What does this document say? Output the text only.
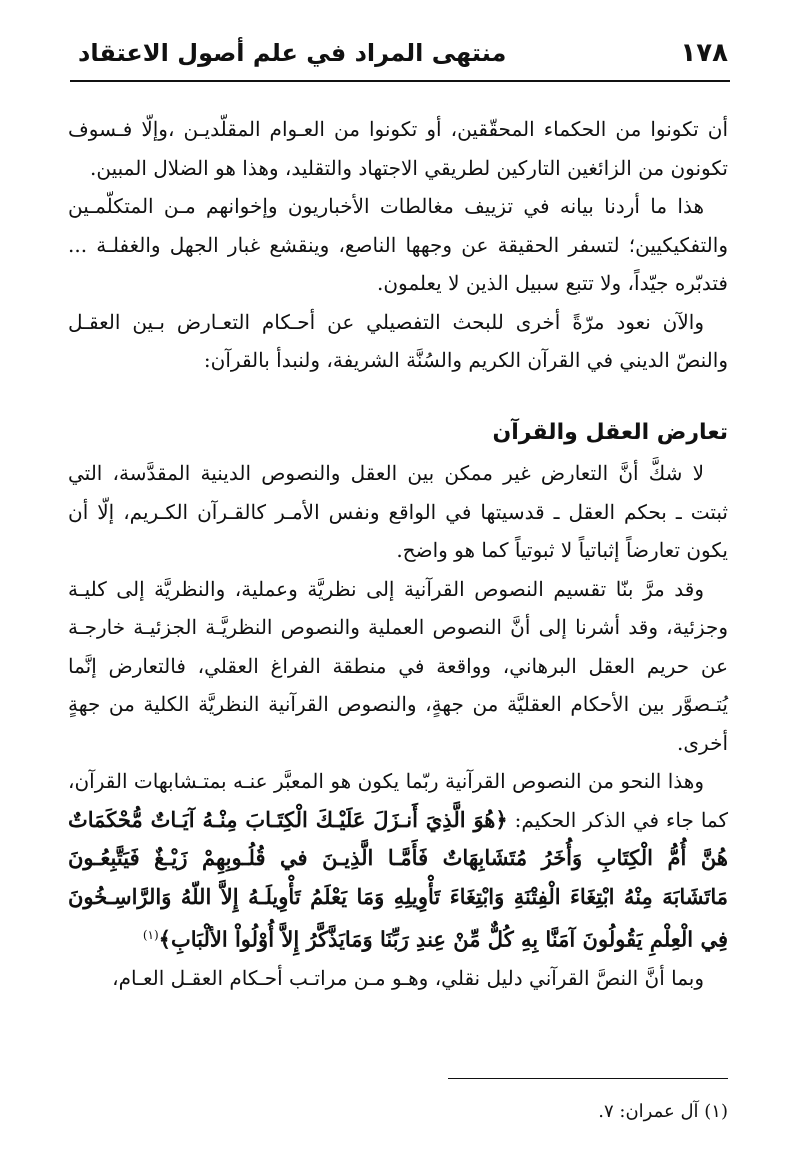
١٧٨
منتهى المراد في علم أصول الاعتقاد

أن تكونوا من الحكماء المحقّقين، أو تكونوا من العـوام المقلّديـن ،وإلّا فـسوف تكونون من الزائغين التاركين لطريقي الاجتهاد والتقليد، وهذا هو الضلال المبين.

هذا ما أردنا بيانه في تزييف مغالطات الأخباريون وإخوانهم مـن المتكلّمـين والتفكيكيين؛ لتسفر الحقيقة عن وجهها الناصع، وينقشع غبار الجهل والغفلـة ... فتدبّره جيّداً، ولا تتبع سبيل الذين لا يعلمون.

والآن نعود مرّةً أخرى للبحث التفصيلي عن أحـكام التعـارض بـين العقـل والنصّ الديني في القرآن الكريم والسُنَّة الشريفة، ولنبدأ بالقرآن:

تعارض العقل والقرآن

لا شكَّ أنَّ التعارض غير ممكن بين العقل والنصوص الدينية المقدَّسة، التي ثبتت ـ بحكم العقل ـ قدسيتها في الواقع ونفس الأمـر كالقـرآن الكـريم، إلّا أن يكون تعارضاً إثباتياً لا ثبوتياً كما هو واضح.

وقد مرَّ بنّا تقسيم النصوص القرآنية إلى نظريَّة وعملية، والنظريَّة إلى كليـة وجزئية، وقد أشرنا إلى أنَّ النصوص العملية والنصوص النظريَّـة الجزئيـة خارجـة عن حريم العقل البرهاني، وواقعة في منطقة الفراغ العقلي، فالتعارض إنَّما يُتـصوَّر بين الأحكام العقليَّة من جهةٍ، والنصوص القرآنية النظريَّة الكلية من جهةٍ أخرى.

وهذا النحو من النصوص القرآنية ربّما يكون هو المعبَّر عنـه بمتـشابهات القرآن، كما جاء في الذكر الحكيم: ﴿هُوَ الَّذِيَ أَنـزَلَ عَلَيْـكَ الْكِتَـابَ مِنْـهُ آيَـاتٌ مُّحْكَمَاتٌ هُنَّ أُمُّ الْكِتَابِ وَأُخَرُ مُتَشَابِهَاتٌ فَأَمَّـا الَّذِيـنَ في قُلُـوبِهِمْ زَيْـغٌ فَيَتَّبِعُـونَ مَاتَشَابَهَ مِنْهُ ابْتِغَاءَ الْفِتْنَةِ وَابْتِغَاءَ تَأْوِيلِهِ وَمَا يَعْلَمُ تَأْوِيلَـهُ إِلاَّ اللّهُ وَالرَّاسِـخُونَ فِي الْعِلْمِ يَقُولُونَ آمَنَّا بِهِ كُلٌّ مِّنْ عِندِ رَبِّنَا وَمَايَذَّكَّرُ إِلاَّ أُوْلُواْ الألْبَابِ﴾$^{(١)}$

وبما أنَّ النصَّ القرآني دليل نقلي، وهـو مـن مراتـب أحـكام العقـل العـام،

(١) آل عمران: ٧.
